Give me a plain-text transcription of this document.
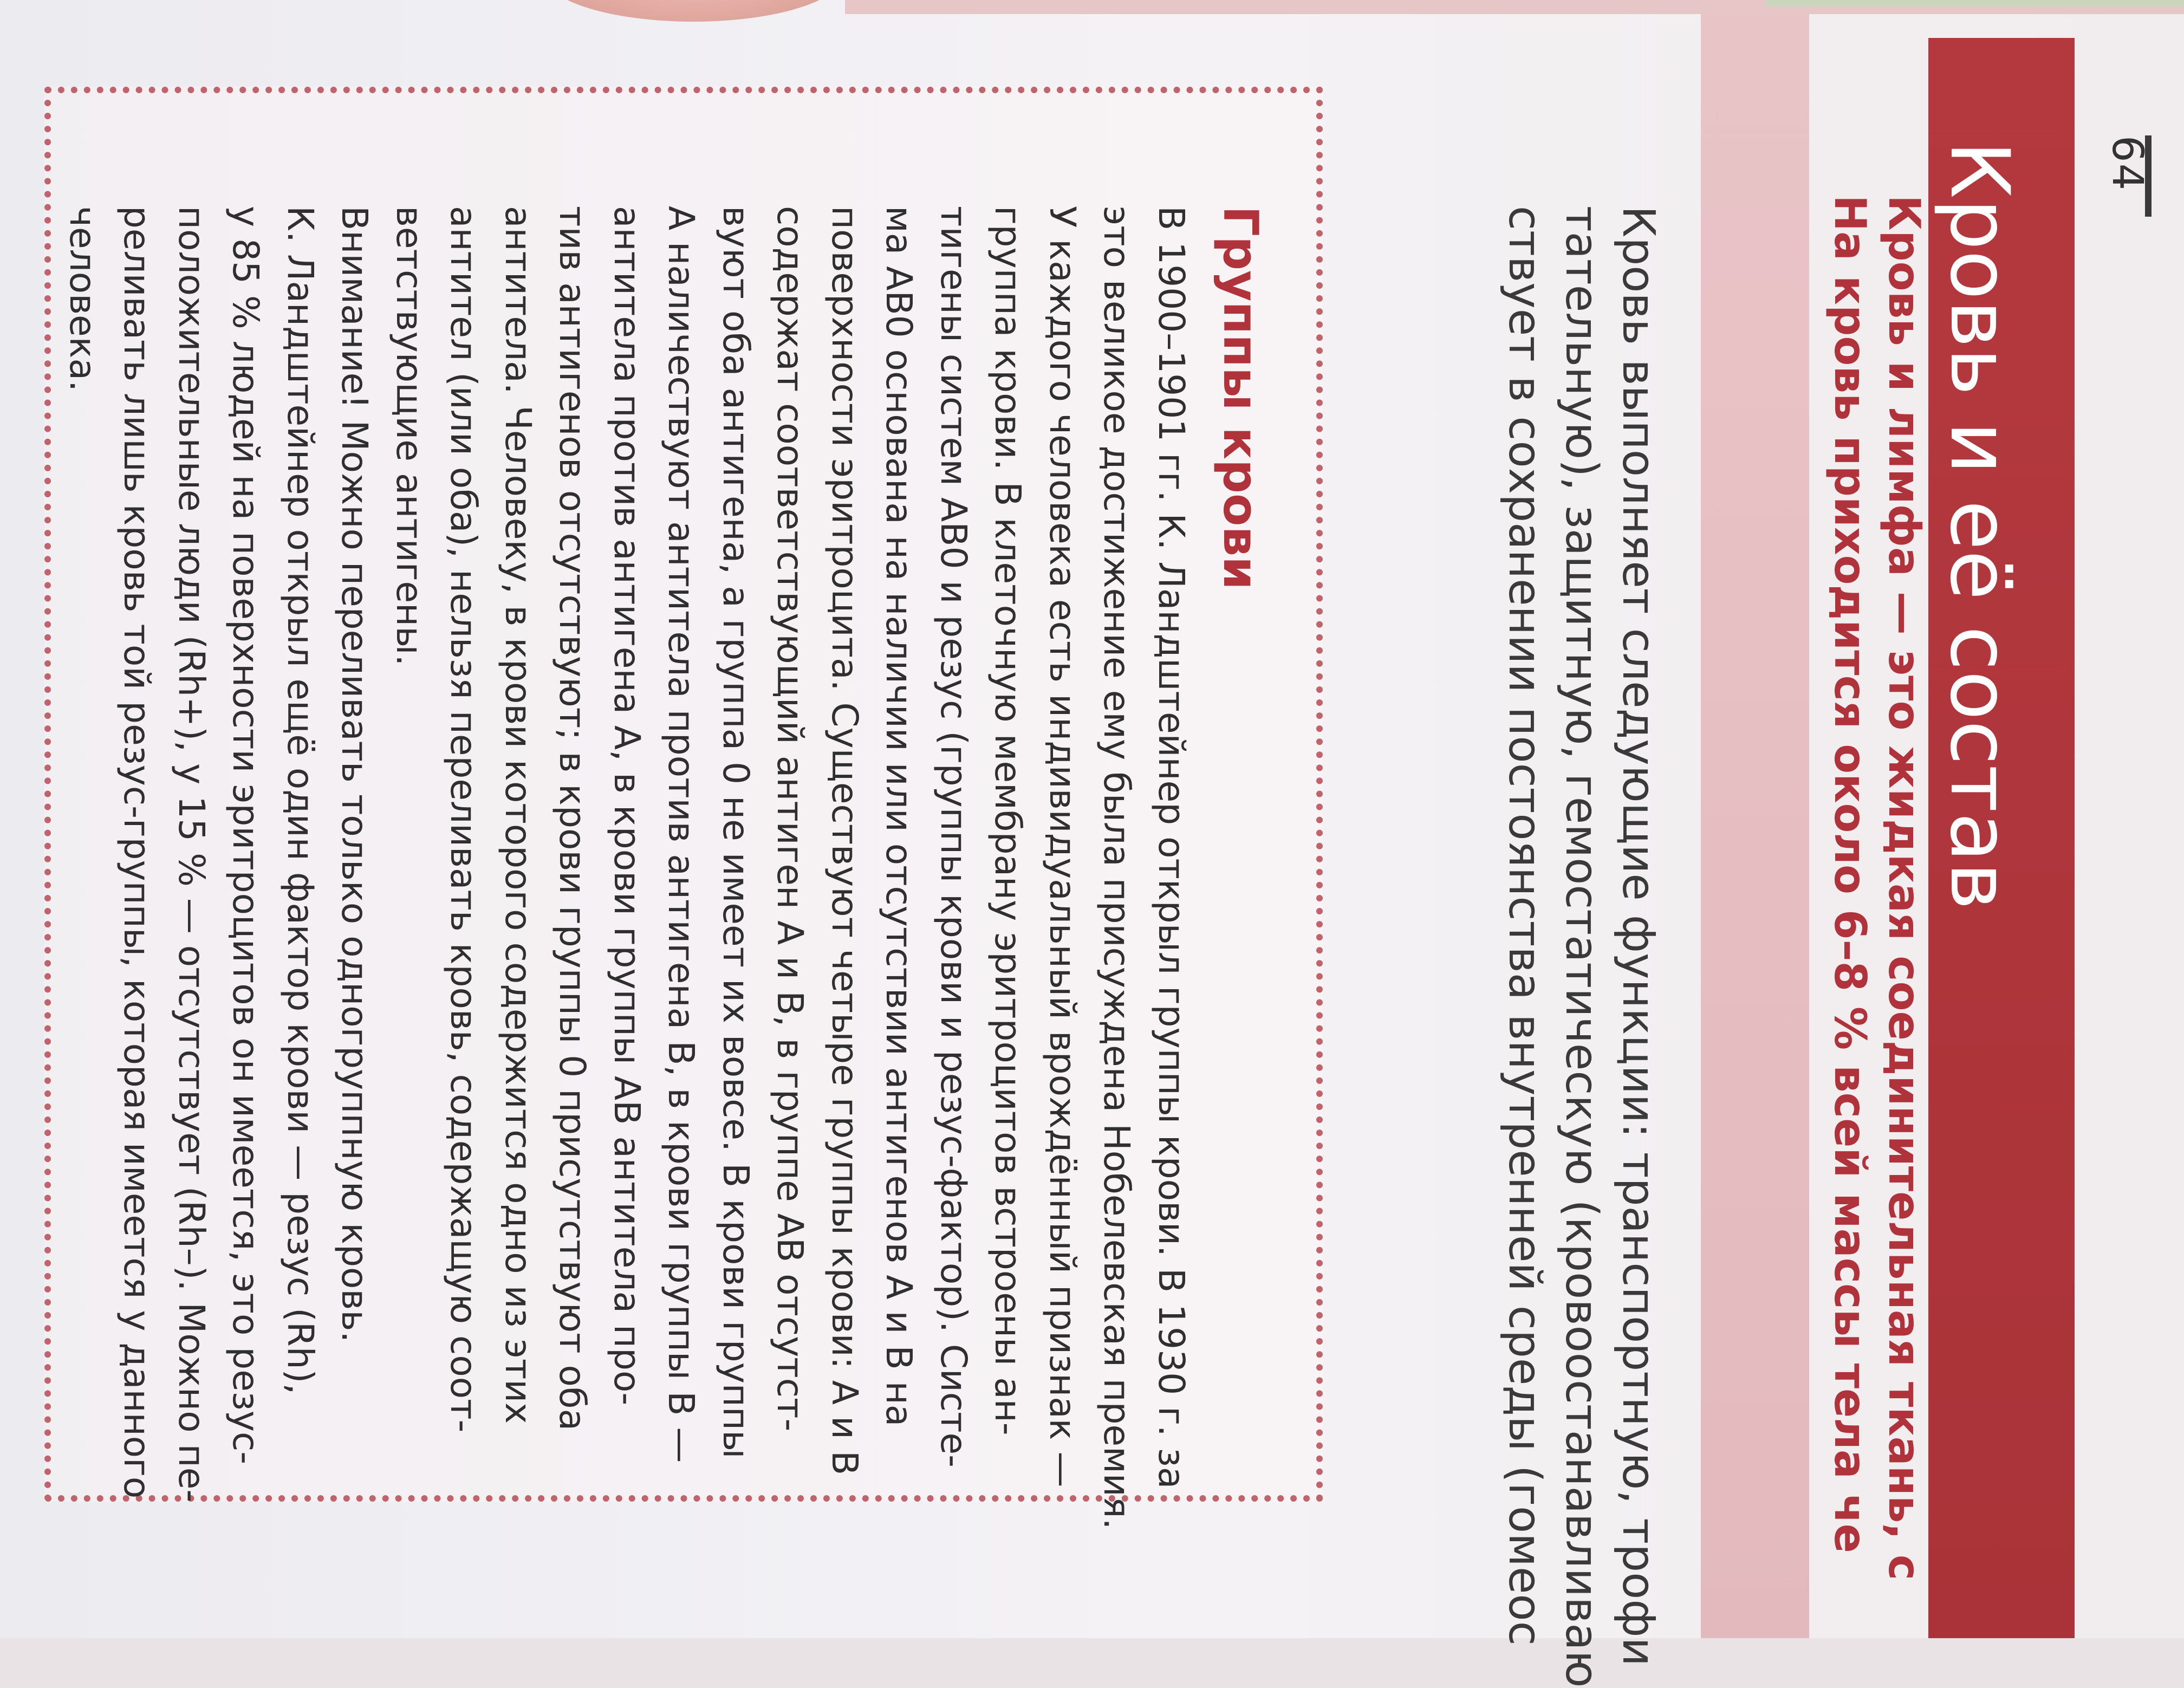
64
Кровь и её состав
Кровь и лимфа — это жидкая соединительная ткань, с
На кровь приходится около 6–8 % всей массы тела че
Кровь выполняет следующие функции: транспортную, трофи
тательную), защитную, гемостатическую (кровоостанавливаю
ствует в сохранении постоянства внутренней среды (гомеос
Группы крови
В 1900–1901 гг. К. Ландштейнер открыл группы крови. В 1930 г. за
это великое достижение ему была присуждена Нобелевская премия.
У каждого человека есть индивидуальный врождённый признак —
группа крови. В клеточную мембрану эритроцитов встроены ан-
тигены систем АВ0 и резус (группы крови и резус-фактор). Систе-
ма АВ0 основана на наличии или отсутствии антигенов А и В на
поверхности эритроцита. Существуют четыре группы крови: А и В
содержат соответствующий антиген А и В, в группе АВ отсутст-
вуют оба антигена, а группа 0 не имеет их вовсе. В крови группы
А наличествуют антитела против антигена В, в крови группы В —
антитела против антигена А, в крови группы АВ антитела про-
тив антигенов отсутствуют; в крови группы 0 присутствуют оба
антитела. Человеку, в крови которого содержится одно из этих
антител (или оба), нельзя переливать кровь, содержащую соот-
ветствующие антигены.
Внимание! Можно переливать только одногруппную кровь.
К. Ландштейнер открыл ещё один фактор крови — резус (Rh),
у 85 % людей на поверхности эритроцитов он имеется, это резус-
положительные люди (Rh+), у 15 % — отсутствует (Rh–). Можно пе-
реливать лишь кровь той резус-группы, которая имеется у данного
человека.
